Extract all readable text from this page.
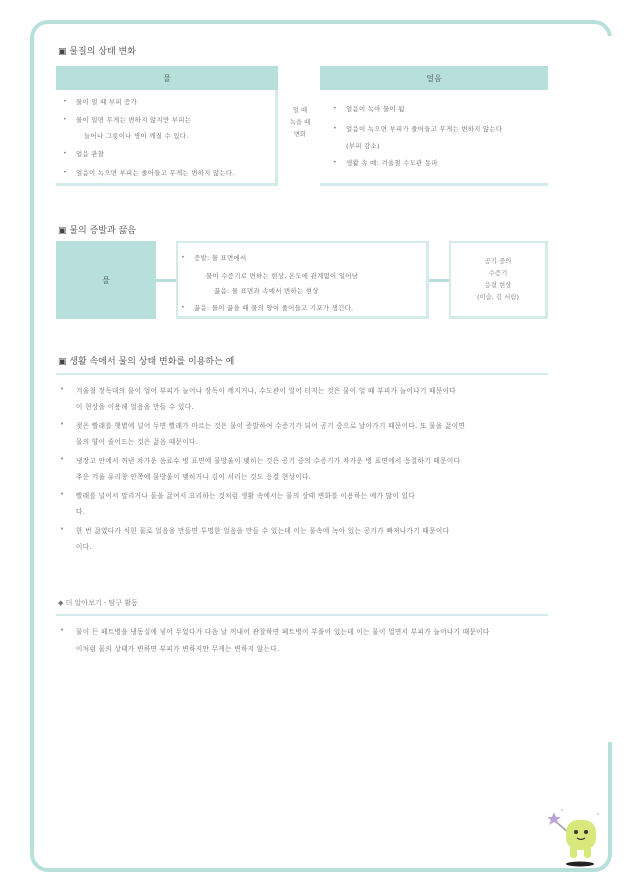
▣ 물질의 상태 변화
물	얼음
• 물이 얼 때 부피 증가
• 물이 얼면 무게는 변하지 않지만 부피는
늘어나 그릇이나 병이 깨질 수 있다.
• 얼음 관찰
• 얼음이 녹으면 부피는 줄어들고 무게는 변하지 않는다.
얼 때
녹을 때
변화
• 얼음이 녹아 물이 됨
• 얼음이 녹으면 부피가 줄어들고 무게는 변하지 않는다
(부피 감소)
• 생활 속 예: 겨울철 수도관 동파
▣ 물의 증발과 끓음
물
• 증발: 물 표면에서
물이 수증기로 변하는 현상, 온도에 관계없이 일어남
끓음: 물 표면과 속에서 변하는 현상
• 끓음: 물이 끓을 때 물의 양이 줄어들고 기포가 생긴다.
공기 중의
수증기
응결 현상
(이슬, 김 서림)
▣ 생활 속에서 물의 상태 변화를 이용하는 예
• 겨울철 장독대의 물이 얼어 부피가 늘어나 장독이 깨지거나, 수도관이 얼어 터지는 것은 물이 얼 때 부피가 늘어나기 때문이다
이 현상을 이용해 얼음을 만들 수 있다.
• 젖은 빨래를 햇볕에 널어 두면 빨래가 마르는 것은 물이 증발하여 수증기가 되어 공기 중으로 날아가기 때문이다. 또 물을 끓이면
물의 양이 줄어드는 것은 끓음 때문이다.
• 냉장고 안에서 꺼낸 차가운 음료수 병 표면에 물방울이 맺히는 것은 공기 중의 수증기가 차가운 병 표면에서 응결하기 때문이다
추운 겨울 유리창 안쪽에 물방울이 맺히거나 김이 서리는 것도 응결 현상이다.
• 빨래를 널어서 말리거나 물을 끓여서 요리하는 것처럼 생활 속에서는 물의 상태 변화를 이용하는 예가 많이 있다
다.
• 한 번 끓였다가 식힌 물로 얼음을 만들면 투명한 얼음을 만들 수 있는데 이는 물속에 녹아 있는 공기가 빠져나가기 때문이다
이다.
◆ 더 알아보기 - 탐구 활동
• 물이 든 페트병을 냉동실에 넣어 두었다가 다음 날 꺼내어 관찰하면 페트병이 부풀어 있는데 이는 물이 얼면서 부피가 늘어나기 때문이다
이처럼 물의 상태가 변하면 부피가 변하지만 무게는 변하지 않는다.
